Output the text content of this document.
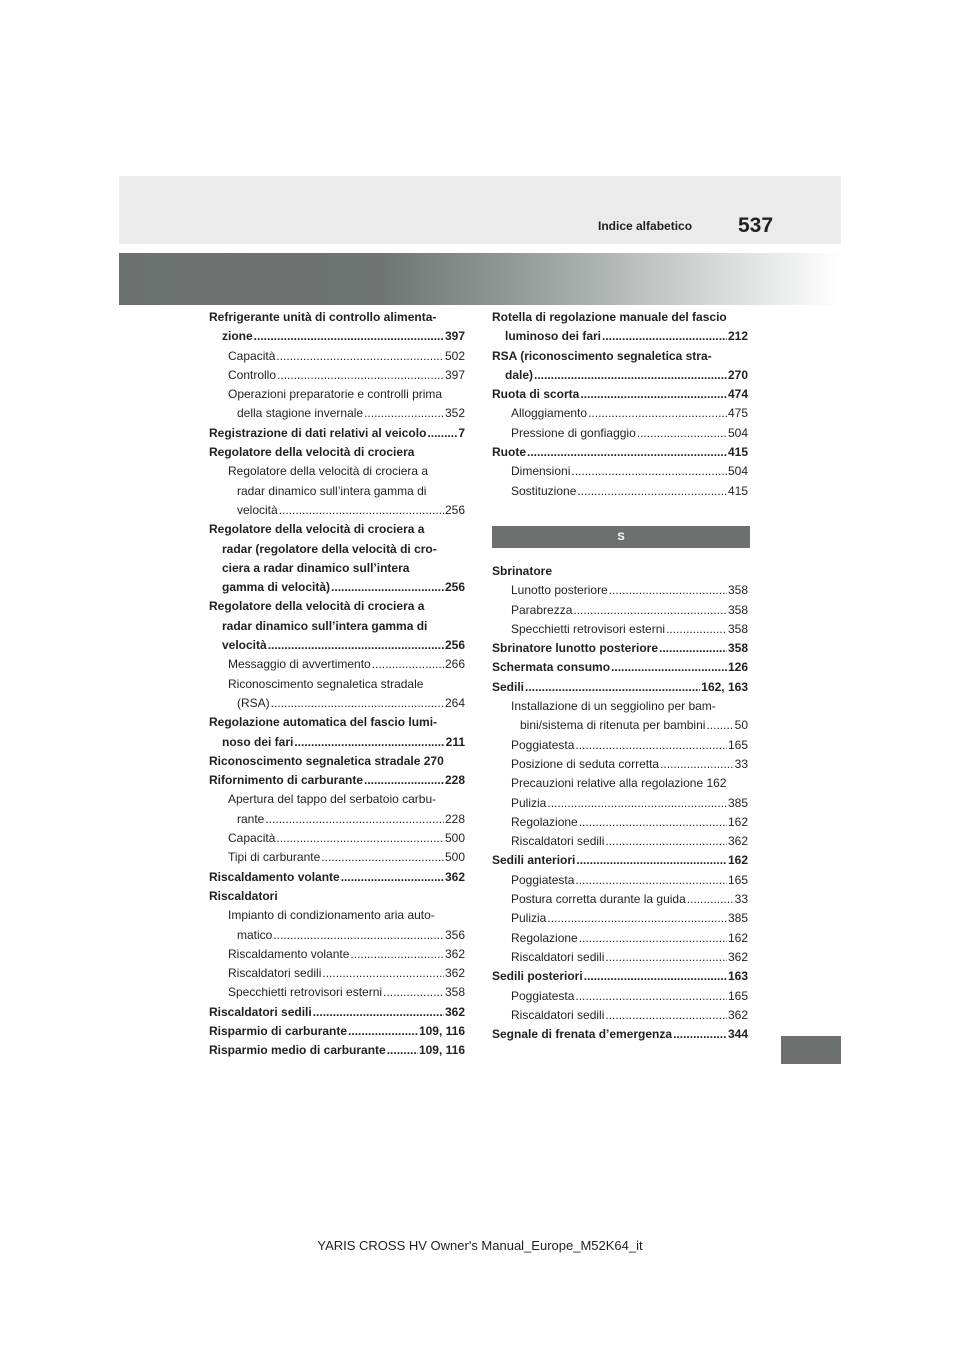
Indice alfabetico 537
Refrigerante unità di controllo alimenta-
zione .....	397
Capacità .....	502
Controllo .....	397
Operazioni preparatorie e controlli prima
della stagione invernale .....	352
Registrazione di dati relativi al veicolo .....	7
Regolatore della velocità di crociera
Regolatore della velocità di crociera a
radar dinamico sull’intera gamma di
velocità .....	256
Regolatore della velocità di crociera a
radar (regolatore della velocità di cro-
ciera a radar dinamico sull’intera
gamma di velocità) .....	256
Regolatore della velocità di crociera a
radar dinamico sull’intera gamma di
velocità .....	256
Messaggio di avvertimento .....	266
Riconoscimento segnaletica stradale
(RSA) .....	264
Regolazione automatica del fascio lumi-
noso dei fari .....	211
Riconoscimento segnaletica stradale 270
Rifornimento di carburante .....	228
Apertura del tappo del serbatoio carbu-
rante .....	228
Capacità .....	500
Tipi di carburante .....	500
Riscaldamento volante .....	362
Riscaldatori
Impianto di condizionamento aria auto-
matico .....	356
Riscaldamento volante .....	362
Riscaldatori sedili .....	362
Specchietti retrovisori esterni .....	358
Riscaldatori sedili .....	362
Risparmio di carburante .....	109, 116
Risparmio medio di carburante .....	109, 116
Rotella di regolazione manuale del fascio
luminoso dei fari .....	212
RSA (riconoscimento segnaletica stra-
dale) .....	270
Ruota di scorta .....	474
Alloggiamento .....	475
Pressione di gonfiaggio .....	504
Ruote .....	415
Dimensioni .....	504
Sostituzione .....	415
S
Sbrinatore
Lunotto posteriore .....	358
Parabrezza .....	358
Specchietti retrovisori esterni .....	358
Sbrinatore lunotto posteriore .....	358
Schermata consumo .....	126
Sedili .....	162, 163
Installazione di un seggiolino per bam-
bini/sistema di ritenuta per bambini ..... 50
Poggiatesta .....	165
Posizione di seduta corretta .....	33
Precauzioni relative alla regolazione 162
Pulizia .....	385
Regolazione .....	162
Riscaldatori sedili .....	362
Sedili anteriori .....	162
Poggiatesta .....	165
Postura corretta durante la guida .....	33
Pulizia .....	385
Regolazione .....	162
Riscaldatori sedili .....	362
Sedili posteriori .....	163
Poggiatesta .....	165
Riscaldatori sedili .....	362
Segnale di frenata d’emergenza .....	344
YARIS CROSS HV Owner's Manual_Europe_M52K64_it
